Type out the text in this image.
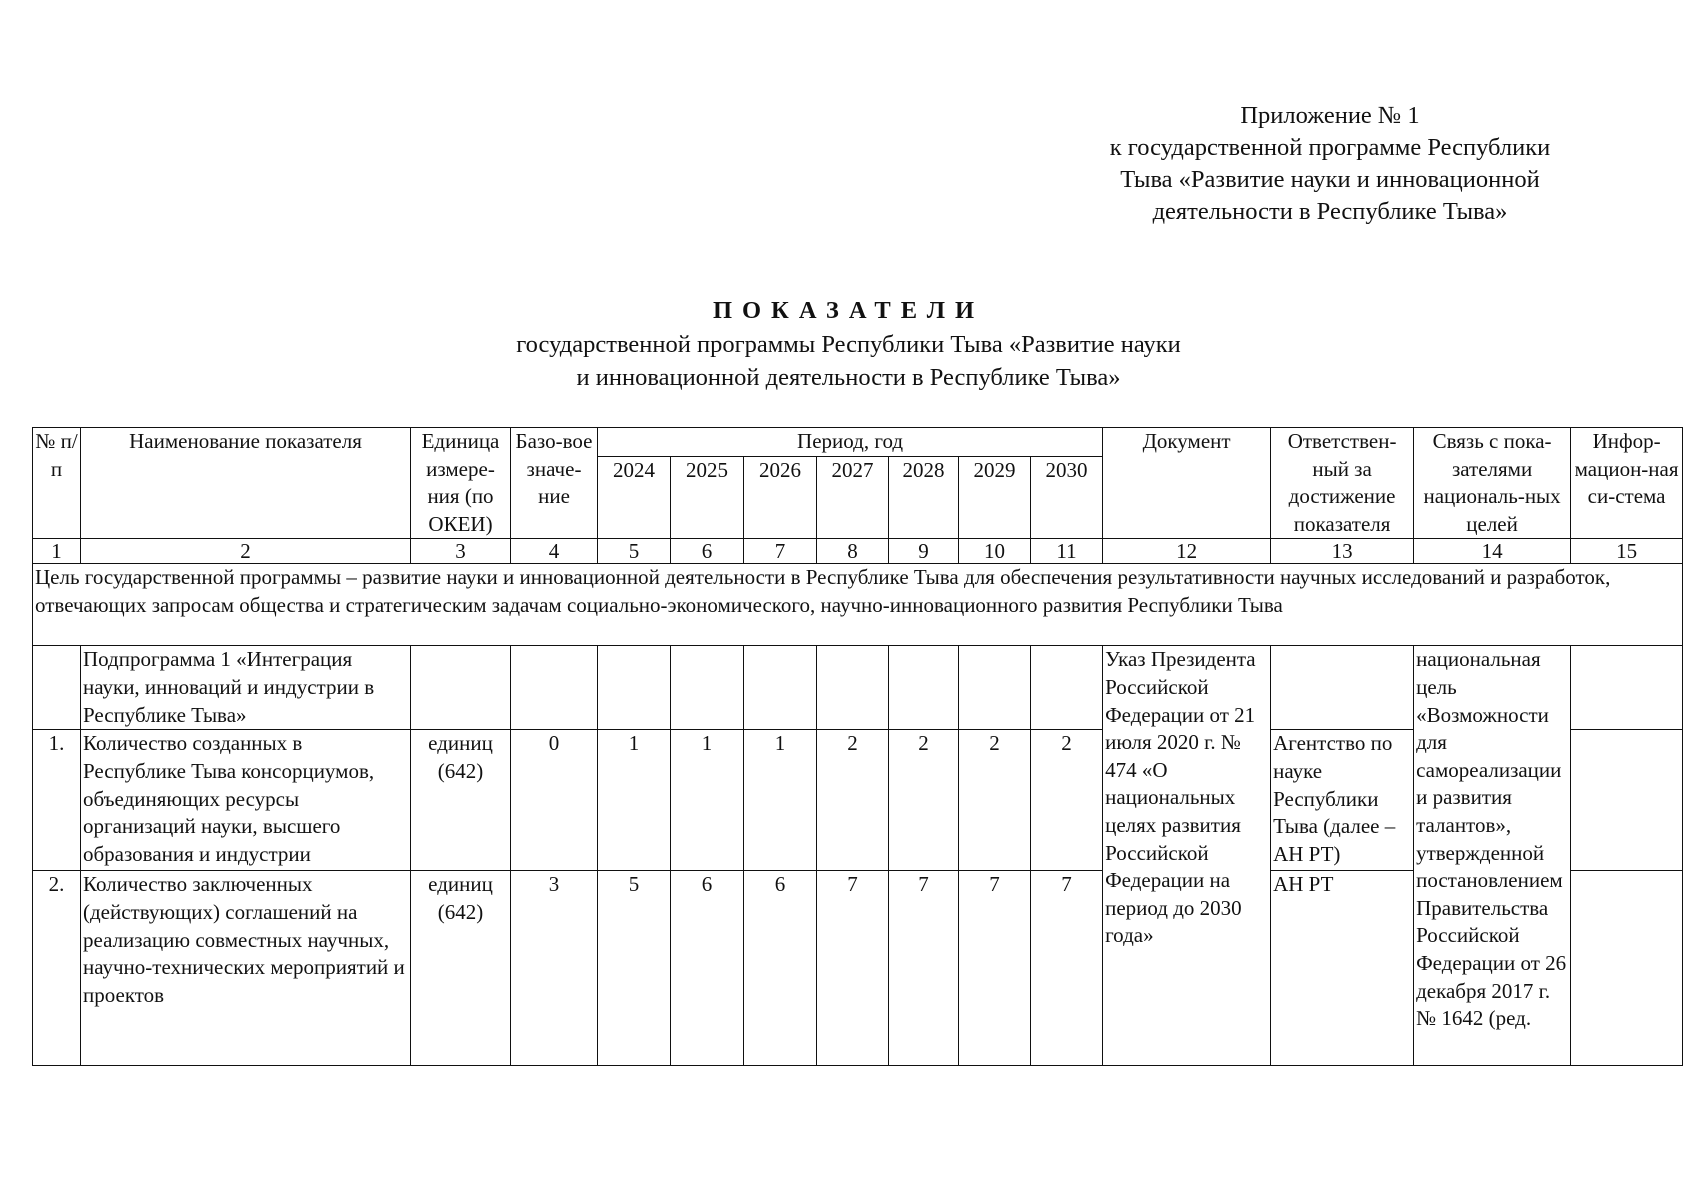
Приложение № 1
к государственной программе Республики
Тыва «Развитие науки и инновационной
деятельности в Республике Тыва»
ПОКАЗАТЕЛИ
государственной программы Республики Тыва «Развитие науки
и инновационной деятельности в Республике Тыва»
№ п/п	Наименование показателя	Единица измере-ния (по ОКЕИ)	Базо-вое значе-ние	Период, год							Документ	Ответствен-ный за достижение показателя	Связь с пока-зателями националь-ных целей	Инфор-мацион-ная си-стема
				2024	2025	2026	2027	2028	2029	2030				
1	2	3	4	5	6	7	8	9	10	11	12	13	14	15
Цель государственной программы – развитие науки и инновационной деятельности в Республике Тыва для обеспечения результативности научных исследований и разработок, отвечающих запросам общества и стратегическим задачам социально-экономического, научно-инновационного развития Республики Тыва														
	Подпрограмма 1 «Интеграция науки, инноваций и индустрии в Республике Тыва»										Указ Президента Российской Федерации от 21 июля 2020 г. № 474 «О национальных целях развития Российской Федерации на период до 2030 года»		национальная цель «Возможности для самореализации и развития талантов», утвержденной постановлением Правительства Российской Федерации от 26 декабря 2017 г. № 1642 (ред.	
1.	Количество созданных в Республике Тыва консорциумов, объединяющих ресурсы организаций науки, высшего образования и индустрии	единиц (642)	0	1	1	1	2	2	2	2		Агентство по науке Республики Тыва (далее – АН РТ)		
2.	Количество заключенных (действующих) соглашений на реализацию совместных научных, научно-технических мероприятий и проектов	единиц (642)	3	5	6	6	7	7	7	7		АН РТ		
